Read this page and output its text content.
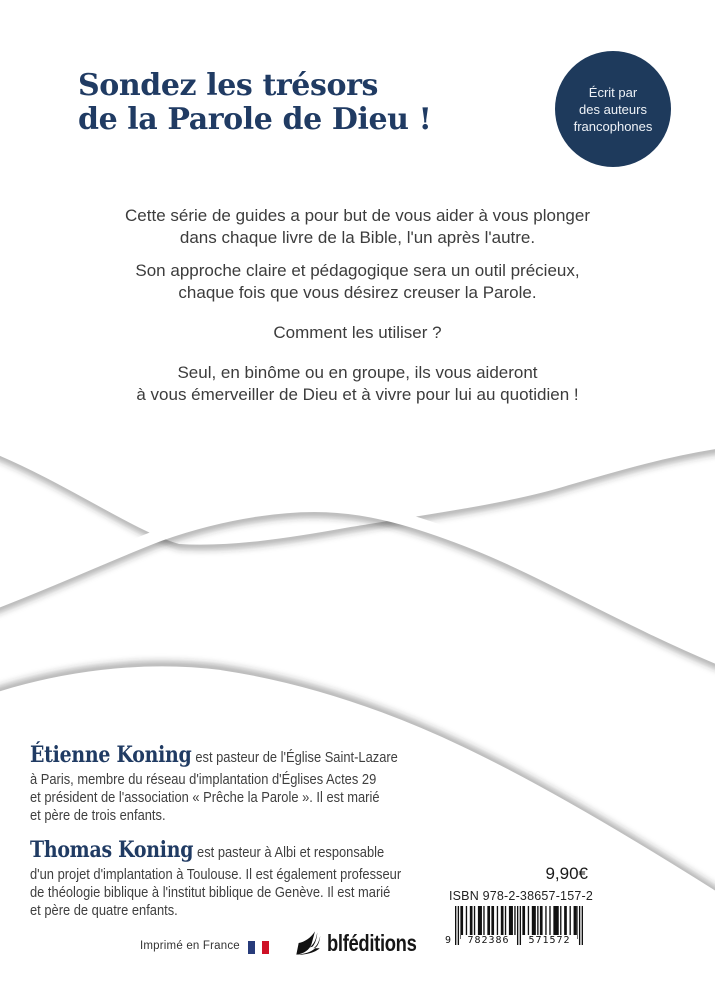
Sondez les trésors
de la Parole de Dieu !
Écrit par
des auteurs
francophones

Cette série de guides a pour but de vous aider à vous plonger
dans chaque livre de la Bible, l'un après l'autre.

Son approche claire et pédagogique sera un outil précieux,
chaque fois que vous désirez creuser la Parole.

Comment les utiliser ?

Seul, en binôme ou en groupe, ils vous aideront
à vous émerveiller de Dieu et à vivre pour lui au quotidien !

Étienne Koning est pasteur de l'Église Saint-Lazare
à Paris, membre du réseau d'implantation d'Églises Actes 29
et président de l'association « Prêche la Parole ». Il est marié
et père de trois enfants.
Thomas Koning est pasteur à Albi et responsable
d'un projet d'implantation à Toulouse. Il est également professeur
de théologie biblique à l'institut biblique de Genève. Il est marié
et père de quatre enfants.
9,90€
ISBN 978-2-38657-157-2
9	782386	571572
Imprimé en France	blféditions
